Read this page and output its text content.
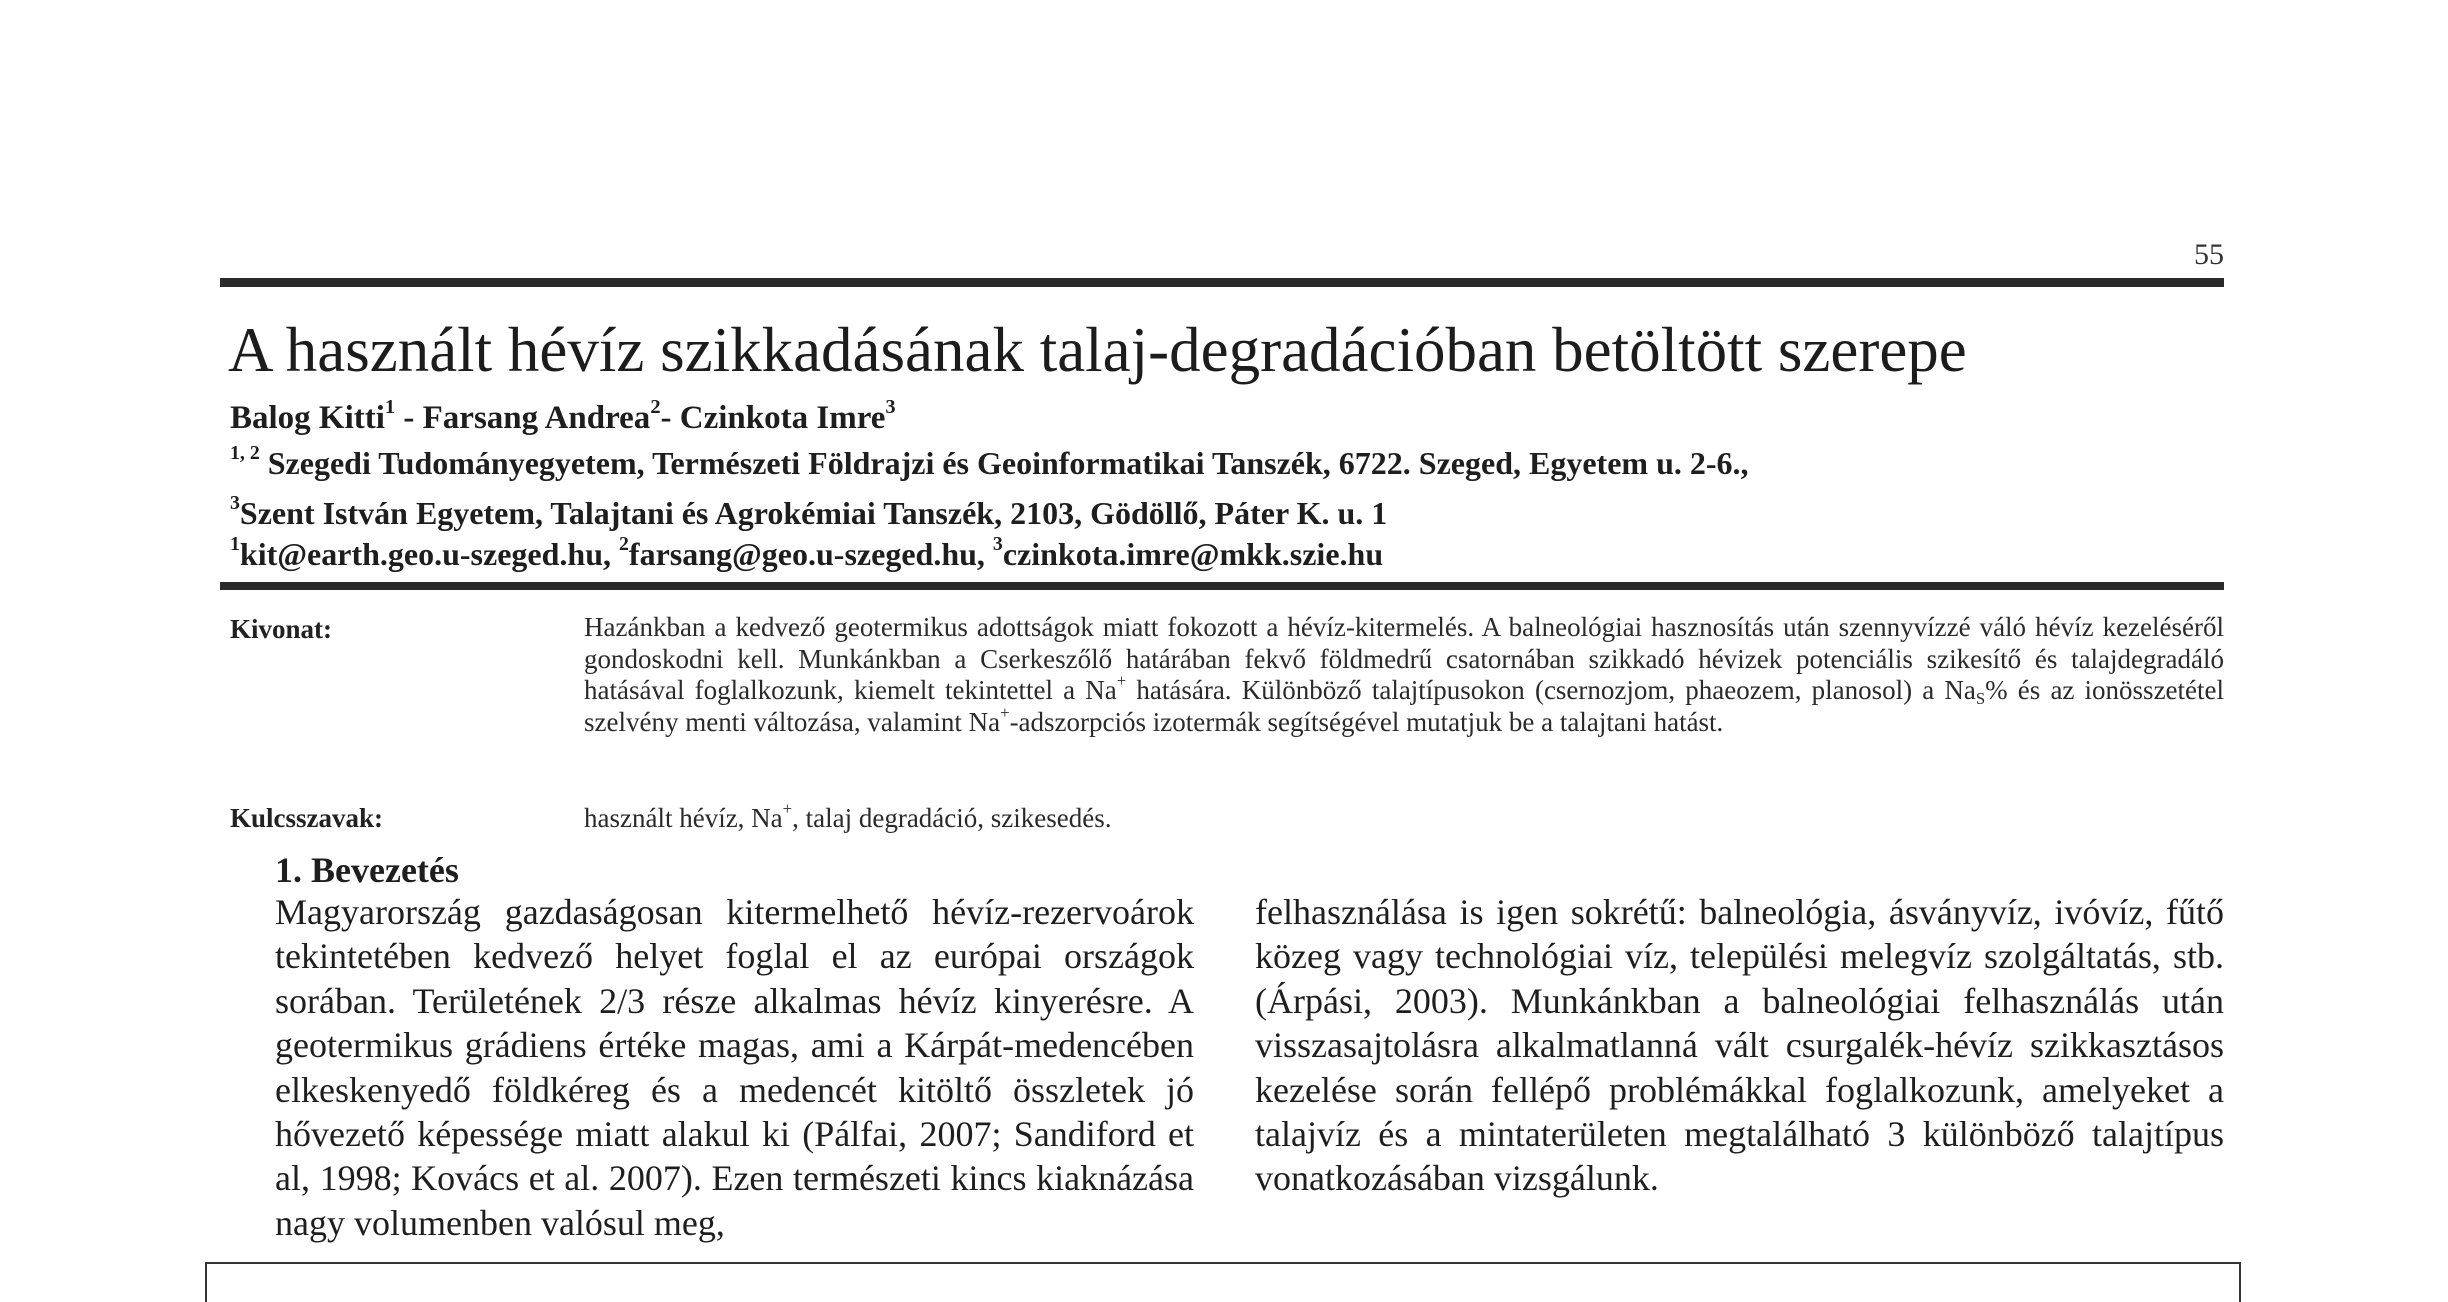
55
A használt hévíz szikkadásának talaj-degradációban betöltött szerepe
Balog Kitti$^1$ - Farsang Andrea$^2$- Czinkota Imre$^3$
$^{1, 2}$ Szegedi Tudományegyetem, Természeti Földrajzi és Geoinformatikai Tanszék, 6722. Szeged, Egyetem u. 2-6.,
$^3$Szent István Egyetem, Talajtani és Agrokémiai Tanszék, 2103, Gödöllő, Páter K. u. 1
$^1$kit@earth.geo.u-szeged.hu, $^2$farsang@geo.u-szeged.hu, $^3$czinkota.imre@mkk.szie.hu
Kivonat:	Hazánkban a kedvező geotermikus adottságok miatt fokozott a hévíz-kitermelés. A balneológiai hasznosítás után szennyvízzé váló hévíz kezeléséről gondoskodni kell. Munkánkban a Cserkeszőlő határában fekvő földmedrű csatornában szikkadó hévizek potenciális szikesítő és talajdegradáló hatásával foglalkozunk, kiemelt tekintettel a Na+ hatására. Különböző talajtípusokon (csernozjom, phaeozem, planosol) a $Na_S\%$ és az ionösszetétel szelvény menti változása, valamint Na+-adszorpciós izotermák segítségével mutatjuk be a talajtani hatást.

Kulcsszavak:	használt hévíz, Na+, talaj degradáció, szikesedés.

1. Bevezetés

Magyarország gazdaságosan kitermelhető hévíz-rezervoárok tekintetében kedvező helyet foglal el az európai országok sorában. Területének 2/3 része alkalmas hévíz kinyerésre. A geotermikus grádiens értéke magas, ami a Kárpát-medencében elkeskenyedő földkéreg és a medencét kitöltő összletek jó hővezető képessége miatt alakul ki (Pálfai, 2007; Sandiford et al, 1998; Kovács et al. 2007). Ezen természeti kincs kiaknázása nagy volumenben valósul meg,

felhasználása is igen sokrétű: balneológia, ásványvíz, ivóvíz, fűtő közeg vagy technológiai víz, települési melegvíz szolgáltatás, stb. (Árpási, 2003). Munkánkban a balneológiai felhasználás után visszasajtolásra alkalmatlanná vált csurgalék-hévíz szikkasztásos kezelése során fellépő problémákkal foglalkozunk, amelyeket a talajvíz és a mintaterületen megtalálható 3 különböző talajtípus vonatkozásában vizsgálunk.
